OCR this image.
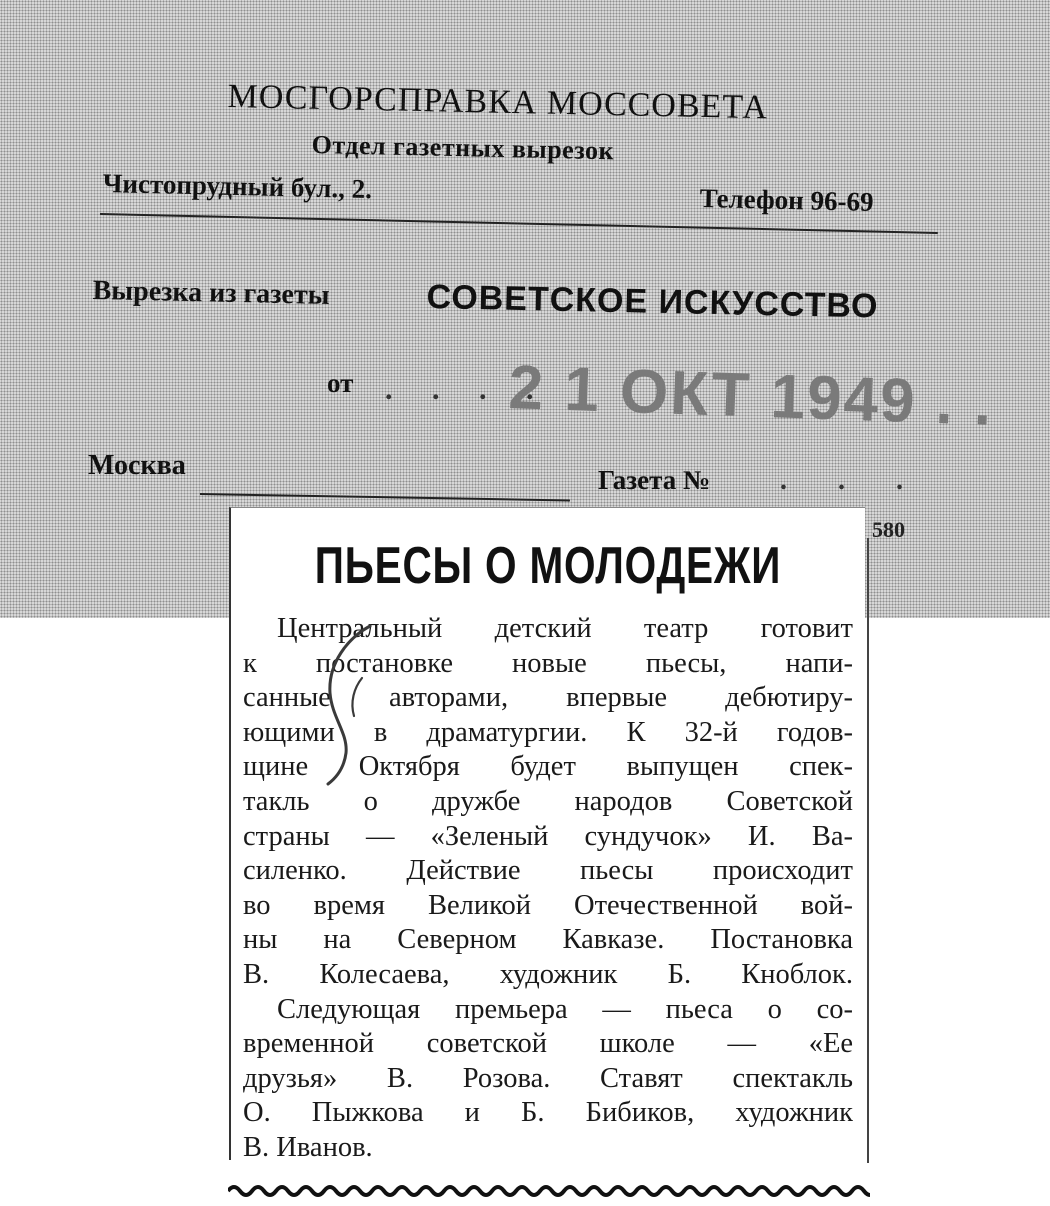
МОСГОРСПРАВКА МОССОВЕТА
Отдел газетных вырезок
Чистопрудный бул., 2.	Телефон 96-69
Вырезка из газеты	СОВЕТСКОЕ ИСКУССТВО
от . . . .
2 1 ОКТ 1949 . .
Москва	Газета № . . .
580
ПЬЕСЫ О МОЛОДЕЖИ
Центральный детский театр готовит
к постановке новые пьесы, напи-
санные авторами, впервые дебютиру-
ющими в драматургии. К 32-й годов-
щине Октября будет выпущен спек-
такль о дружбе народов Советской
страны — «Зеленый сундучок» И. Ва-
силенко. Действие пьесы происходит
во время Великой Отечественной вой-
ны на Северном Кавказе. Постановка
В. Колесаева, художник Б. Кноблок.
Следующая премьера — пьеса о со-
временной советской школе — «Ее
друзья» В. Розова. Ставят спектакль
О. Пыжкова и Б. Бибиков, художник
В. Иванов.
